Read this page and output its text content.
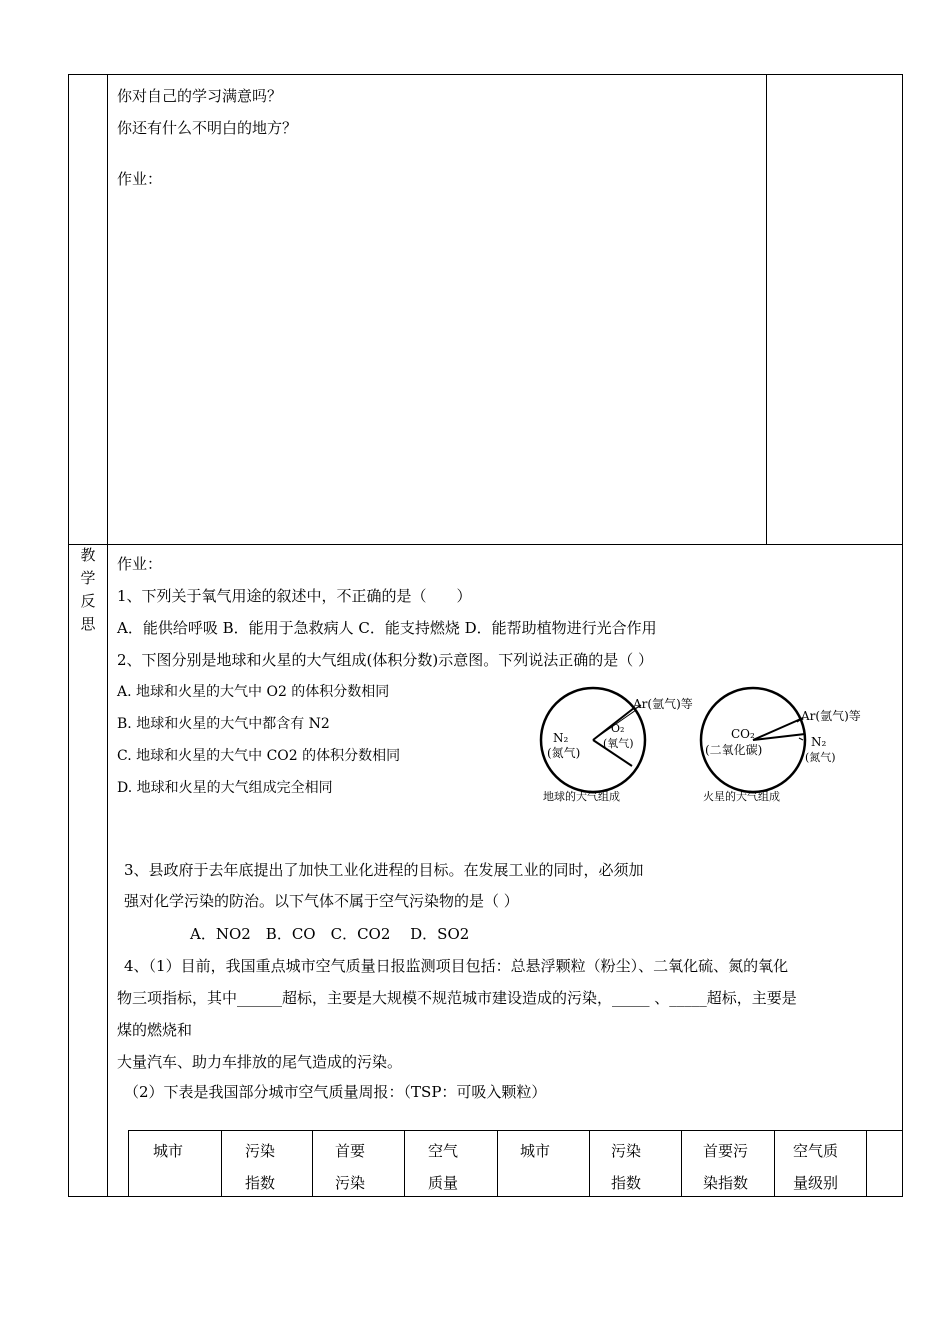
你对自己的学习满意吗？
你还有什么不明白的地方？
作业：
教
学
反
思
作业：
1、下列关于氧气用途的叙述中，不正确的是（　　）
A．能供给呼吸 B．能用于急救病人 C．能支持燃烧 D．能帮助植物进行光合作用
2、下图分别是地球和火星的大气组成(体积分数)示意图。下列说法正确的是（ ）
A. 地球和火星的大气中 O2 的体积分数相同
B. 地球和火星的大气中都含有 N2
C. 地球和火星的大气中 CO2 的体积分数相同
D. 地球和火星的大气组成完全相同
N₂
(氮气)
O₂
(氧气)
Ar(氩气)等
地球的大气组成
CO₂
(二氧化碳)
Ar(氩气)等
N₂
(氮气)
火星的大气组成
3、县政府于去年底提出了加快工业化进程的目标。在发展工业的同时，必须加
强对化学污染的防治。以下气体不属于空气污染物的是（ ）
A．NO2　B．CO　C．CO2　 D．SO2
4、（1）目前，我国重点城市空气质量日报监测项目包括：总悬浮颗粒（粉尘）、二氧化硫、氮的氧化
物三项指标，其中______超标，主要是大规模不规范城市建设造成的污染，_____ 、_____超标，主要是
煤的燃烧和
大量汽车、助力车排放的尾气造成的污染。
（2）下表是我国部分城市空气质量周报：（TSP：可吸入颗粒）
城市	污染
指数
首要
污染
空气
质量
城市	污染
指数
首要污
染指数
空气质
量级别
